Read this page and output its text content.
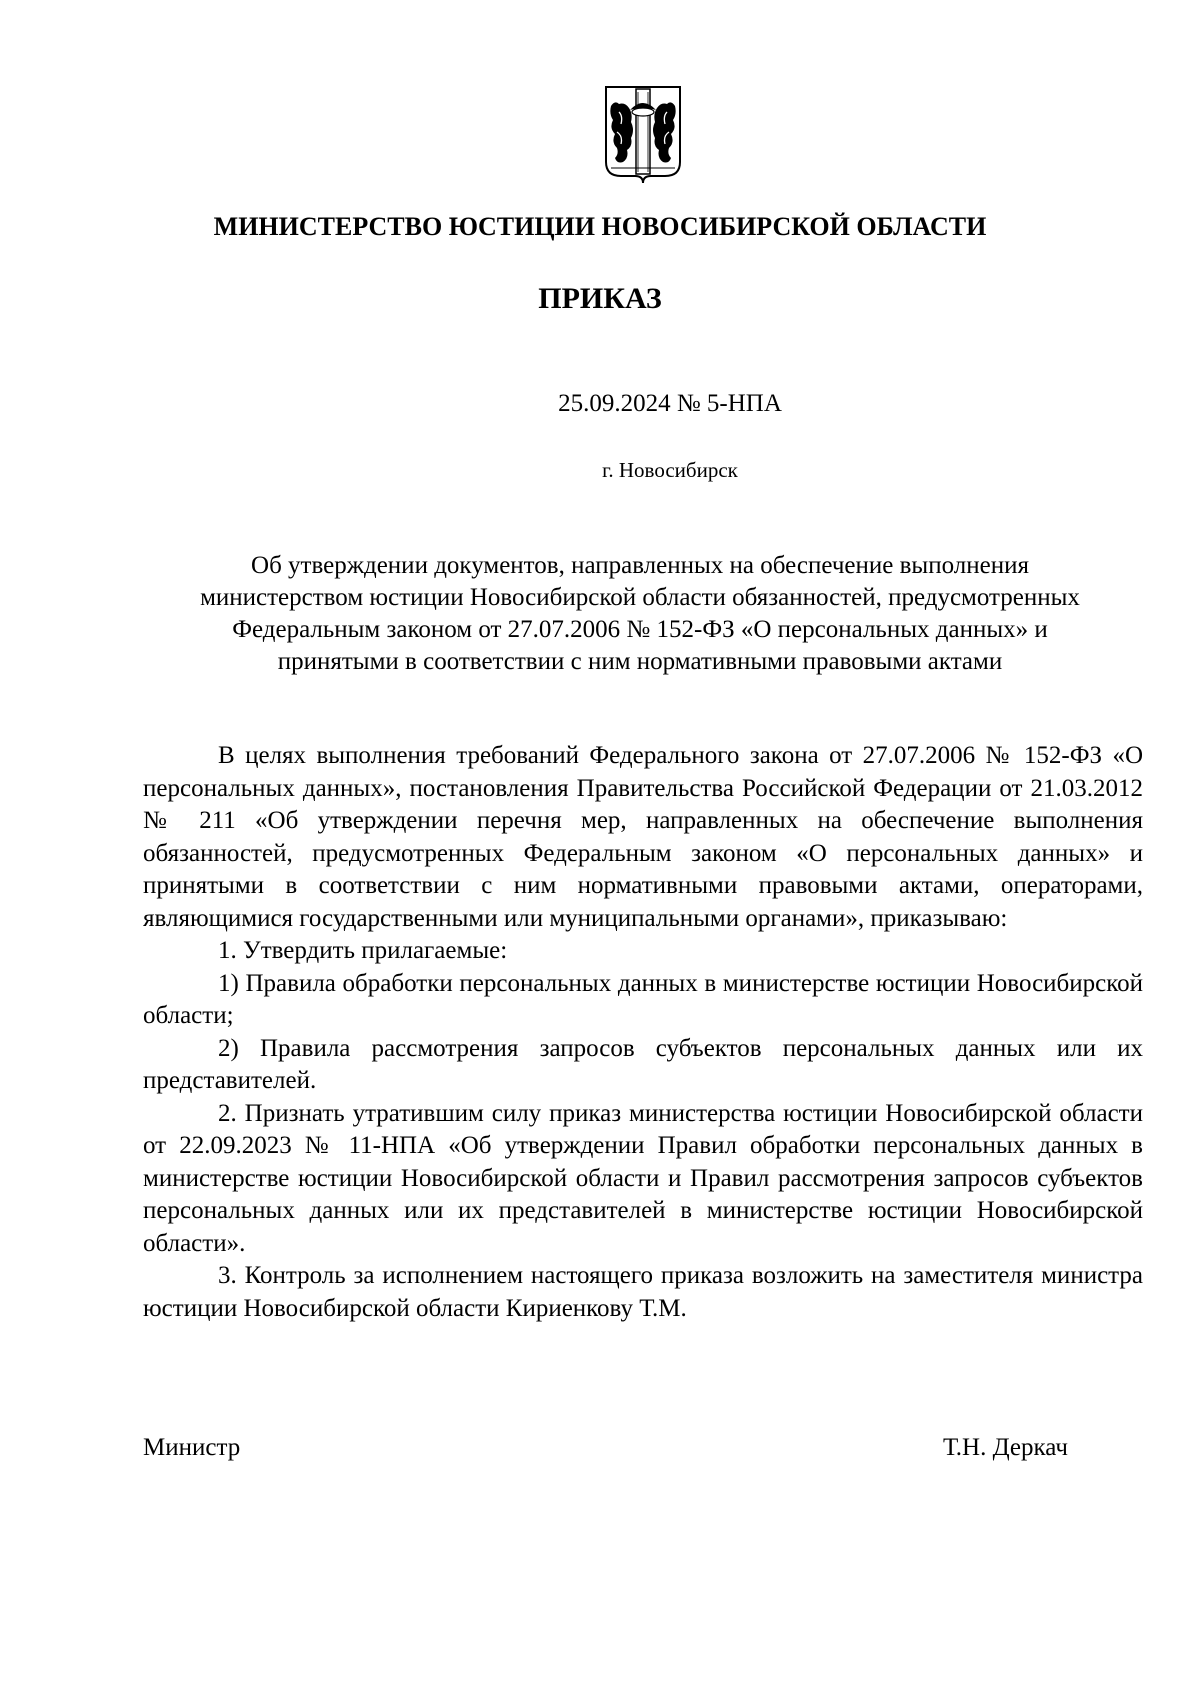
МИНИСТЕРСТВО ЮСТИЦИИ НОВОСИБИРСКОЙ ОБЛАСТИ
ПРИКАЗ
25.09.2024 № 5-НПА
г. Новосибирск
Об утверждении документов, направленных на обеспечение выполнения
министерством юстиции Новосибирской области обязанностей, предусмотренных
Федеральным законом от 27.07.2006 № 152-ФЗ «О персональных данных» и
принятыми в соответствии с ним нормативными правовыми актами

В целях выполнения требований Федерального закона от 27.07.2006 № 152-ФЗ «О персональных данных», постановления Правительства Российской Федерации от 21.03.2012 № 211 «Об утверждении перечня мер, направленных на обеспечение выполнения обязанностей, предусмотренных Федеральным законом «О персональных данных» и принятыми в соответствии с ним нормативными правовыми актами, операторами, являющимися государственными или муниципальными органами», приказываю:

1. Утвердить прилагаемые:

1) Правила обработки персональных данных в министерстве юстиции Новосибирской области;

2) Правила рассмотрения запросов субъектов персональных данных или их представителей.

2. Признать утратившим силу приказ министерства юстиции Новосибирской области от 22.09.2023 № 11-НПА «Об утверждении Правил обработки персональных данных в министерстве юстиции Новосибирской области и Правил рассмотрения запросов субъектов персональных данных или их представителей в министерстве юстиции Новосибирской области».

3. Контроль за исполнением настоящего приказа возложить на заместителя министра юстиции Новосибирской области Кириенкову Т.М.

Министр	Т.Н. Деркач
